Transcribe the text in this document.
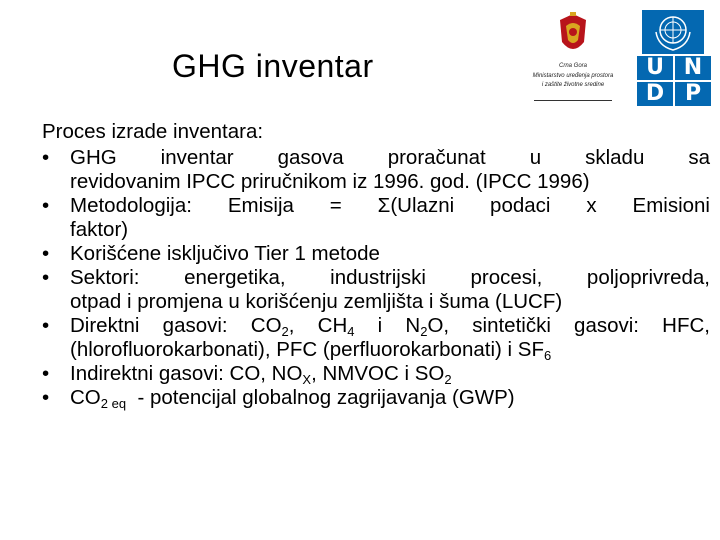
GHG inventar	Crna Gora
Ministarstvo uređenja prostora
i zaštite životne sredine
U N
D P
Proces izrade inventara:
•	GHG inventar gasova proračunat u skladu sa
revidovanim IPCC priručnikom iz 1996. god. (IPCC 1996)
•	Metodologija: Emisija = Σ(Ulazni podaci x Emisioni
faktor)
•	Korišćene isključivo Tier 1 metode
•	Sektori: energetika, industrijski procesi, poljoprivreda,
otpad i promjena u korišćenju zemljišta i šuma (LUCF)
•	Direktni gasovi: $CO_2$, $CH_4$ i $N_2O$, sintetički gasovi: HFC,
(hlorofluorokarbonati), PFC (perfluorokarbonati) i $SF_6$
•	Indirektni gasovi: CO, $NO_X$, NMVOC i $SO_2$
•	$CO_{2 eq}$  - potencijal globalnog zagrijavanja (GWP)
